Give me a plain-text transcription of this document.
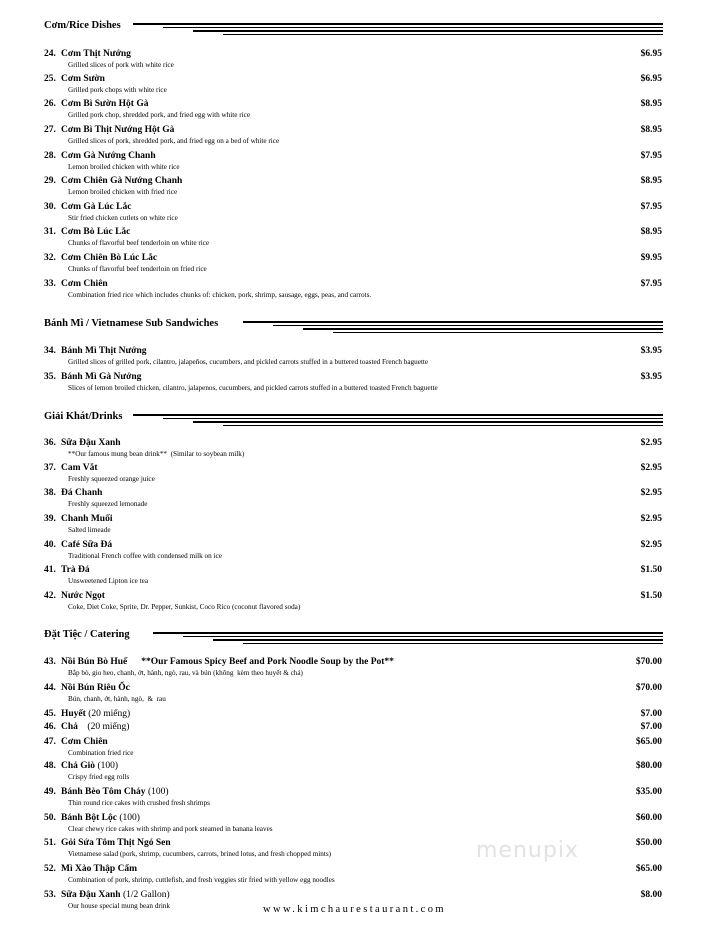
Cơm/Rice Dishes
24. Cơm Thịt Nướng
Grilled slices of pork with white rice
$6.95
25. Cơm Sườn
Grilled pork chops with white rice
$6.95
26. Cơm Bì Sườn Hột Gà
Grilled pork chop, shredded pork, and fried egg with white rice
$8.95
27. Cơm Bì Thịt Nướng Hột Gà
Grilled slices of pork, shredded pork, and fried egg on a bed of white rice
$8.95
28. Cơm Gà Nướng Chanh
Lemon broiled chicken with white rice
$7.95
29. Cơm Chiên Gà Nướng Chanh
Lemon broiled chicken with fried rice
$8.95
30. Cơm Gà Lúc Lắc
Stir fried chicken cutlets on white rice
$7.95
31. Cơm Bò Lúc Lắc
Chunks of flavorful beef tenderloin on white rice
$8.95
32. Cơm Chiên Bò Lúc Lắc
Chunks of flavorful beef tenderloin on fried rice
$9.95
33. Cơm Chiên
Combination fried rice which includes chunks of: chicken, pork, shrimp, sausage, eggs, peas, and carrots.
$7.95
Bánh Mì / Vietnamese Sub Sandwiches
34. Bánh Mì Thịt Nướng
Grilled slices of grilled pork, cilantro, jalapeños, cucumbers, and pickled carrots stuffed in a buttered toasted French baguette
$3.95
35. Bánh Mì Gà Nướng
Slices of lemon broiled chicken, cilantro, jalapenos, cucumbers, and pickled carrots stuffed in a buttered toasted French baguette
$3.95
Giải Khát/Drinks
36. Sữa Đậu Xanh
**Our famous mung bean drink**  (Similar to soybean milk)
$2.95
37. Cam Vắt
Freshly squeezed orange juice
$2.95
38. Đá Chanh
Freshly squeezed lemonade
$2.95
39. Chanh Muối
Salted limeade
$2.95
40. Café Sữa Đá
Traditional French coffee with condensed milk on ice
$2.95
41. Trà Đá
Unsweetened Lipton ice tea
$1.50
42. Nước Ngọt
Coke, Diet Coke, Sprite, Dr. Pepper, Sunkist, Coco Rico (coconut flavored soda)
$1.50
Đặt Tiệc / Catering
43. Nồi Bún Bò Huế **Our Famous Spicy Beef and Pork Noodle Soup by the Pot**
Bắp bò, gio heo, chanh, ớt, hành, ngò, rau, và bún (không  kèm theo huyết & chả)
$70.00
44. Nồi Bún Riêu Ốc
Bún, chanh, ớt, hành, ngò,  &  rau
$70.00
45. Huyết (20 miếng)	$7.00
46. Chả    (20 miếng)	$7.00
47. Cơm Chiên
Combination fried rice
$65.00
48. Chả Giò (100)
Crispy fried egg rolls
$80.00
49. Bánh Bèo Tôm Cháy (100)
Thin round rice cakes with crushed fresh shrimps
$35.00
50. Bánh Bột Lộc (100)
Clear chewy rice cakes with shrimp and pork steamed in banana leaves
$60.00
51. Gỏi Sứa Tôm Thịt Ngó Sen
Vietnamese salad (pork, shrimp, cucumbers, carrots, brined lotus, and fresh chopped mints)
$50.00
52. Mì Xào Thập Cẩm
Combination of pork, shrimp, cuttlefish, and fresh veggies stir fried with yellow egg noodles
$65.00
53. Sữa Đậu Xanh (1/2 Gallon)
Our house special mung bean drink
$8.00
menupix
www.kimchaurestaurant.com
